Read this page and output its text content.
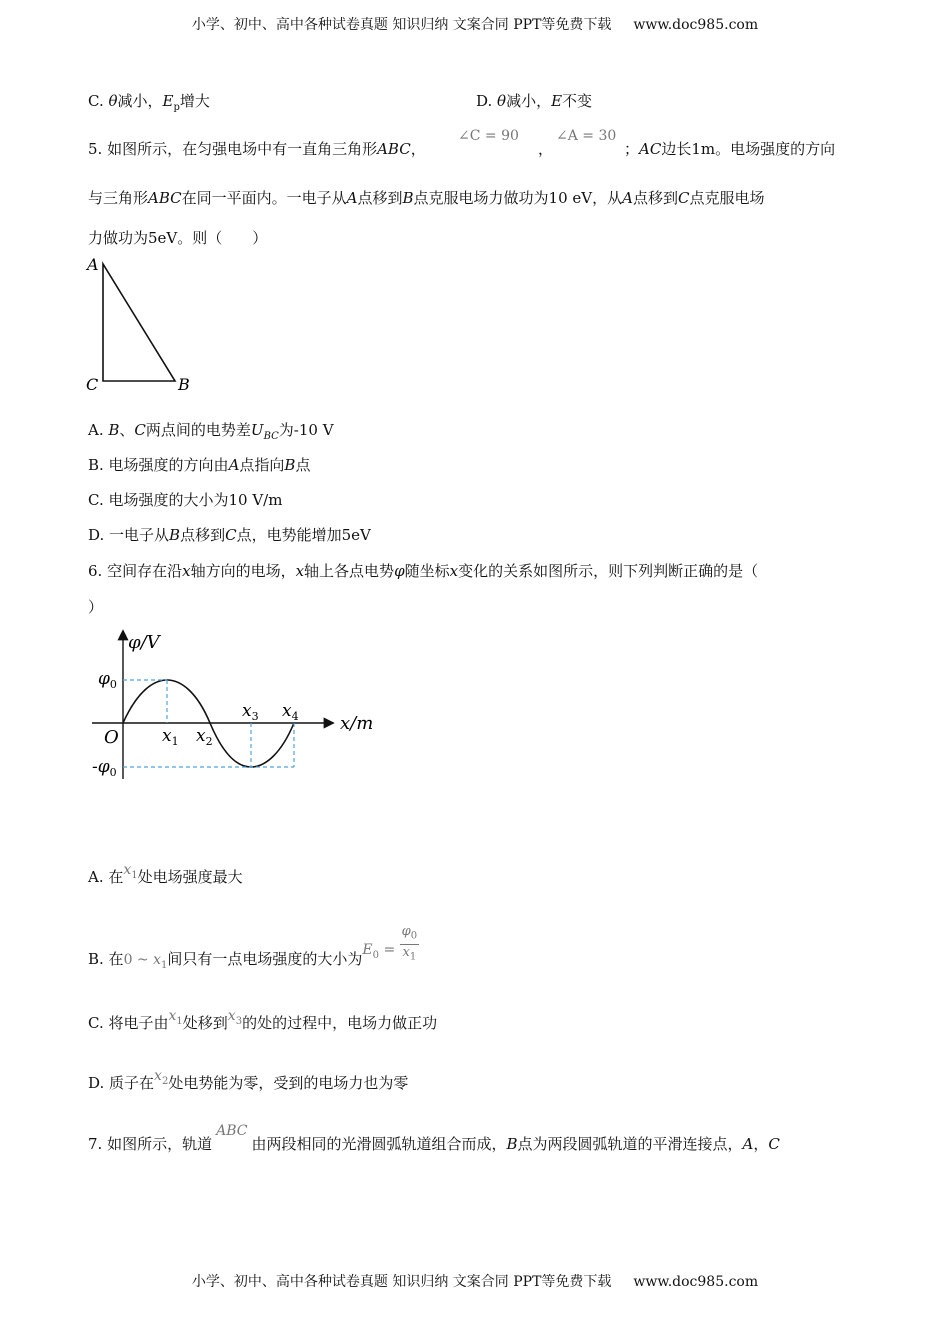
小学、初中、高中各种试卷真题 知识归纳 文案合同 PPT等免费下载 www.doc985.com
C. θ减小，$E_p$增大	D. θ减小，E不变
5. 如图所示，在匀强电场中有一直角三角形ABC，
∠C = 90
，
∠A = 30
；AC边长1m。电场强度的方向
与三角形ABC在同一平面内。一电子从A点移到B点克服电场力做功为10 eV，从A点移到C点克服电场
力做功为5eV。则（　　）
A
C	B
A. B、C两点间的电势差$U_{BC}$为-10 V
B. 电场强度的方向由A点指向B点
C. 电场强度的大小为10 V/m
D. 一电子从B点移到C点，电势能增加5eV
6. 空间存在沿x轴方向的电场，x轴上各点电势φ随坐标x变化的关系如图所示，则下列判断正确的是（
）
φ/V
x/m
O
$\varphi_0$
$-\varphi_0$
$x_1$ $x_2$
$x_3$ $x_4$
A. 在$x_1$处电场强度最大
B. 在0 ~ $x_1$间只有一点电场强度的大小为$E_0 = \frac{\varphi_0}{x_1}$
C. 将电子由$x_1$处移到$x_3$的处的过程中，电场力做正功
D. 质子在$x_2$处电势能为零，受到的电场力也为零
7. 如图所示，轨道ABC由两段相同的光滑圆弧轨道组合而成，B点为两段圆弧轨道的平滑连接点，A，C
小学、初中、高中各种试卷真题 知识归纳 文案合同 PPT等免费下载 www.doc985.com
